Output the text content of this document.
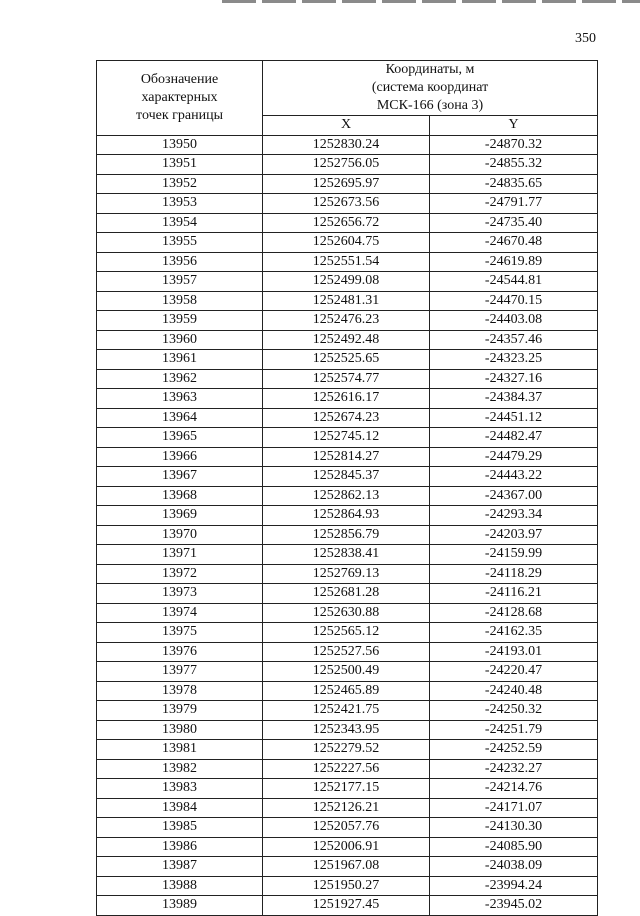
350
Обозначение
характерных
точек границы	Координаты, м
(система координат
МСК-166 (зона 3)	

	X	Y
13950	1252830.24	-24870.32
13951	1252756.05	-24855.32
13952	1252695.97	-24835.65
13953	1252673.56	-24791.77
13954	1252656.72	-24735.40
13955	1252604.75	-24670.48
13956	1252551.54	-24619.89
13957	1252499.08	-24544.81
13958	1252481.31	-24470.15
13959	1252476.23	-24403.08
13960	1252492.48	-24357.46
13961	1252525.65	-24323.25
13962	1252574.77	-24327.16
13963	1252616.17	-24384.37
13964	1252674.23	-24451.12
13965	1252745.12	-24482.47
13966	1252814.27	-24479.29
13967	1252845.37	-24443.22
13968	1252862.13	-24367.00
13969	1252864.93	-24293.34
13970	1252856.79	-24203.97
13971	1252838.41	-24159.99
13972	1252769.13	-24118.29
13973	1252681.28	-24116.21
13974	1252630.88	-24128.68
13975	1252565.12	-24162.35
13976	1252527.56	-24193.01
13977	1252500.49	-24220.47
13978	1252465.89	-24240.48
13979	1252421.75	-24250.32
13980	1252343.95	-24251.79
13981	1252279.52	-24252.59
13982	1252227.56	-24232.27
13983	1252177.15	-24214.76
13984	1252126.21	-24171.07
13985	1252057.76	-24130.30
13986	1252006.91	-24085.90
13987	1251967.08	-24038.09
13988	1251950.27	-23994.24
13989	1251927.45	-23945.02
